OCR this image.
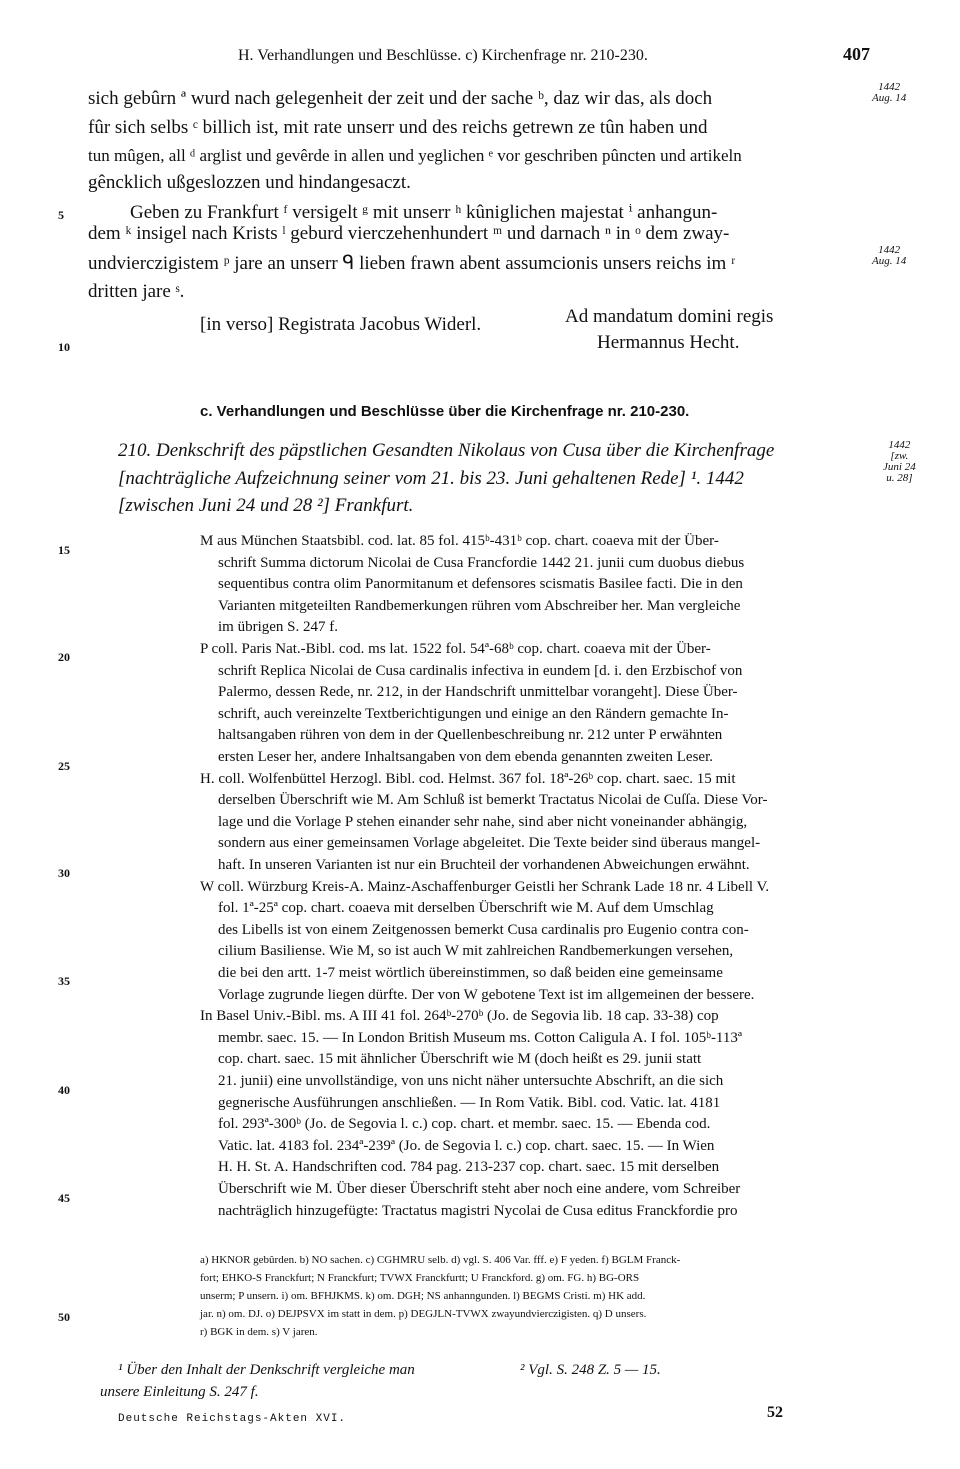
H. Verhandlungen und Beschlüsse. c) Kirchenfrage nr. 210-230.	407
sich gebûrn ª wurd nach gelegenheit der zeit und der sache ᵇ, daz wir das, als doch
fûr sich selbs ᶜ billich ist, mit rate unserr und des reichs getrewn ze tûn haben und
tun mûgen, all ᵈ arglist und gevêrde in allen und yeglichen ᵉ vor geschriben pûncten und artikeln
gêncklich ußgeslozzen und hindangesaczt.
Geben zu Frankfurt ᶠ versigelt ᵍ mit unserr ʰ kûniglichen majestat ⁱ anhangun-
dem ᵏ insigel nach Krists ˡ geburd vierczehenhundert ᵐ und darnach ⁿ in ᵒ dem zway-
undvierczigistem ᵖ jare an unserr ᑫ lieben frawn abent assumcionis unsers reichs im ʳ
dritten jare ˢ.
1442
Aug. 14
1442
Aug. 14
[in verso] Registrata Jacobus Widerl.	Ad mandatum domini regis
Hermannus Hecht.
c. Verhandlungen und Beschlüsse über die Kirchenfrage nr. 210-230.
210. Denkschrift des päpstlichen Gesandten Nikolaus von Cusa über die Kirchenfrage
[nachträgliche Aufzeichnung seiner vom 21. bis 23. Juni gehaltenen Rede] ¹. 1442
[zwischen Juni 24 und 28 ²] Frankfurt.
1442
[zw.
Juni 24
u. 28]
5
10
15
20
25
30
35
40
45
50
M aus München Staatsbibl. cod. lat. 85 fol. 415ᵇ-431ᵇ cop. chart. coaeva mit der Über-
schrift Summa dictorum Nicolai de Cusa Francfordie 1442 21. junii cum duobus diebus
sequentibus contra olim Panormitanum et defensores scismatis Basilee facti. Die in den
Varianten mitgeteilten Randbemerkungen rühren vom Abschreiber her. Man vergleiche
im übrigen S. 247 f.
P coll. Paris Nat.-Bibl. cod. ms lat. 1522 fol. 54ª-68ᵇ cop. chart. coaeva mit der Über-
schrift Replica Nicolai de Cusa cardinalis infectiva in eundem [d. i. den Erzbischof von
Palermo, dessen Rede, nr. 212, in der Handschrift unmittelbar vorangeht]. Diese Über-
schrift, auch vereinzelte Textberichtigungen und einige an den Rändern gemachte In-
haltsangaben rühren von dem in der Quellenbeschreibung nr. 212 unter P erwähnten
ersten Leser her, andere Inhaltsangaben von dem ebenda genannten zweiten Leser.
H. coll. Wolfenbüttel Herzogl. Bibl. cod. Helmst. 367 fol. 18ª-26ᵇ cop. chart. saec. 15 mit
derselben Überschrift wie M. Am Schluß ist bemerkt Tractatus Nicolai de Cuſſa. Diese Vor-
lage und die Vorlage P stehen einander sehr nahe, sind aber nicht voneinander abhängig,
sondern aus einer gemeinsamen Vorlage abgeleitet. Die Texte beider sind überaus mangel-
haft. In unseren Varianten ist nur ein Bruchteil der vorhandenen Abweichungen erwähnt.
W coll. Würzburg Kreis-A. Mainz-Aschaffenburger Geistli her Schrank Lade 18 nr. 4 Libell V.
fol. 1ª-25ª cop. chart. coaeva mit derselben Überschrift wie M. Auf dem Umschlag
des Libells ist von einem Zeitgenossen bemerkt Cusa cardinalis pro Eugenio contra con-
cilium Basiliense. Wie M, so ist auch W mit zahlreichen Randbemerkungen versehen,
die bei den artt. 1-7 meist wörtlich übereinstimmen, so daß beiden eine gemeinsame
Vorlage zugrunde liegen dürfte. Der von W gebotene Text ist im allgemeinen der bessere.
In Basel Univ.-Bibl. ms. A III 41 fol. 264ᵇ-270ᵇ (Jo. de Segovia lib. 18 cap. 33-38) cop
membr. saec. 15. — In London British Museum ms. Cotton Caligula A. I fol. 105ᵇ-113ª
cop. chart. saec. 15 mit ähnlicher Überschrift wie M (doch heißt es 29. junii statt
21. junii) eine unvollständige, von uns nicht näher untersuchte Abschrift, an die sich
gegnerische Ausführungen anschließen. — In Rom Vatik. Bibl. cod. Vatic. lat. 4181
fol. 293ª-300ᵇ (Jo. de Segovia l. c.) cop. chart. et membr. saec. 15. — Ebenda cod.
Vatic. lat. 4183 fol. 234ª-239ª (Jo. de Segovia l. c.) cop. chart. saec. 15. — In Wien
H. H. St. A. Handschriften cod. 784 pag. 213-237 cop. chart. saec. 15 mit derselben
Überschrift wie M. Über dieser Überschrift steht aber noch eine andere, vom Schreiber
nachträglich hinzugefügte: Tractatus magistri Nycolai de Cusa editus Franckfordie pro
a) HKNOR gebûrden. b) NO sachen. c) CGHMRU selb. d) vgl. S. 406 Var. fff. e) F yeden. f) BGLM Franck-
fort; EHKO-S Franckfurt; N Franckfurt; TVWX Franckfurtt; U Franckford. g) om. FG. h) BG-ORS
unserm; P unsern. i) om. BFHJKMS. k) om. DGH; NS anhanngunden. l) BEGMS Cristi. m) HK add.
jar. n) om. DJ. o) DEJPSVX im statt in dem. p) DEGJLN-TVWX zwayundvierczigisten. q) D unsers.
r) BGK in dem. s) V jaren.
¹ Über den Inhalt der Denkschrift vergleiche man
unsere Einleitung S. 247 f.
² Vgl. S. 248 Z. 5 — 15.
Deutsche Reichstags-Akten XVI.	52
